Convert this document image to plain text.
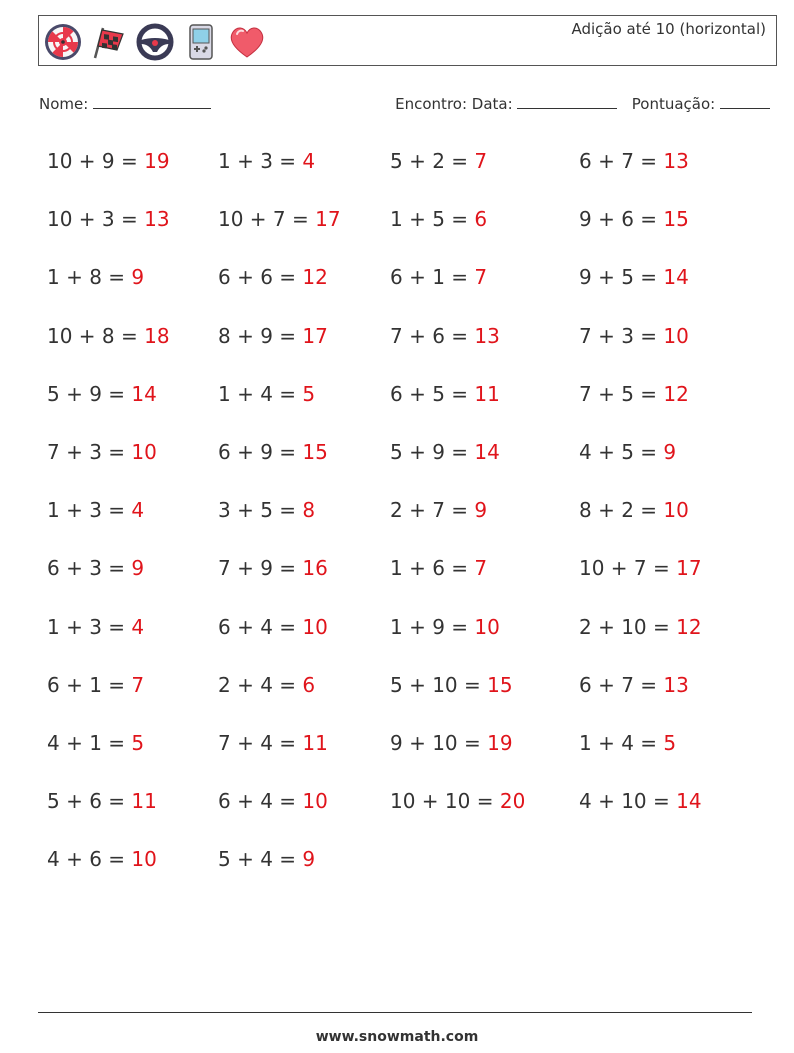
Adição até 10 (horizontal)
Nome:	Encontro: Data:	Pontuação:
10 + 9 = 19
10 + 3 = 13
1 + 8 = 9
10 + 8 = 18
5 + 9 = 14
7 + 3 = 10
1 + 3 = 4
6 + 3 = 9
1 + 3 = 4
6 + 1 = 7
4 + 1 = 5
5 + 6 = 11
4 + 6 = 10
1 + 3 = 4
10 + 7 = 17
6 + 6 = 12
8 + 9 = 17
1 + 4 = 5
6 + 9 = 15
3 + 5 = 8
7 + 9 = 16
6 + 4 = 10
2 + 4 = 6
7 + 4 = 11
6 + 4 = 10
5 + 4 = 9
5 + 2 = 7
1 + 5 = 6
6 + 1 = 7
7 + 6 = 13
6 + 5 = 11
5 + 9 = 14
2 + 7 = 9
1 + 6 = 7
1 + 9 = 10
5 + 10 = 15
9 + 10 = 19
10 + 10 = 20
6 + 7 = 13
9 + 6 = 15
9 + 5 = 14
7 + 3 = 10
7 + 5 = 12
4 + 5 = 9
8 + 2 = 10
10 + 7 = 17
2 + 10 = 12
6 + 7 = 13
1 + 4 = 5
4 + 10 = 14
www.snowmath.com
